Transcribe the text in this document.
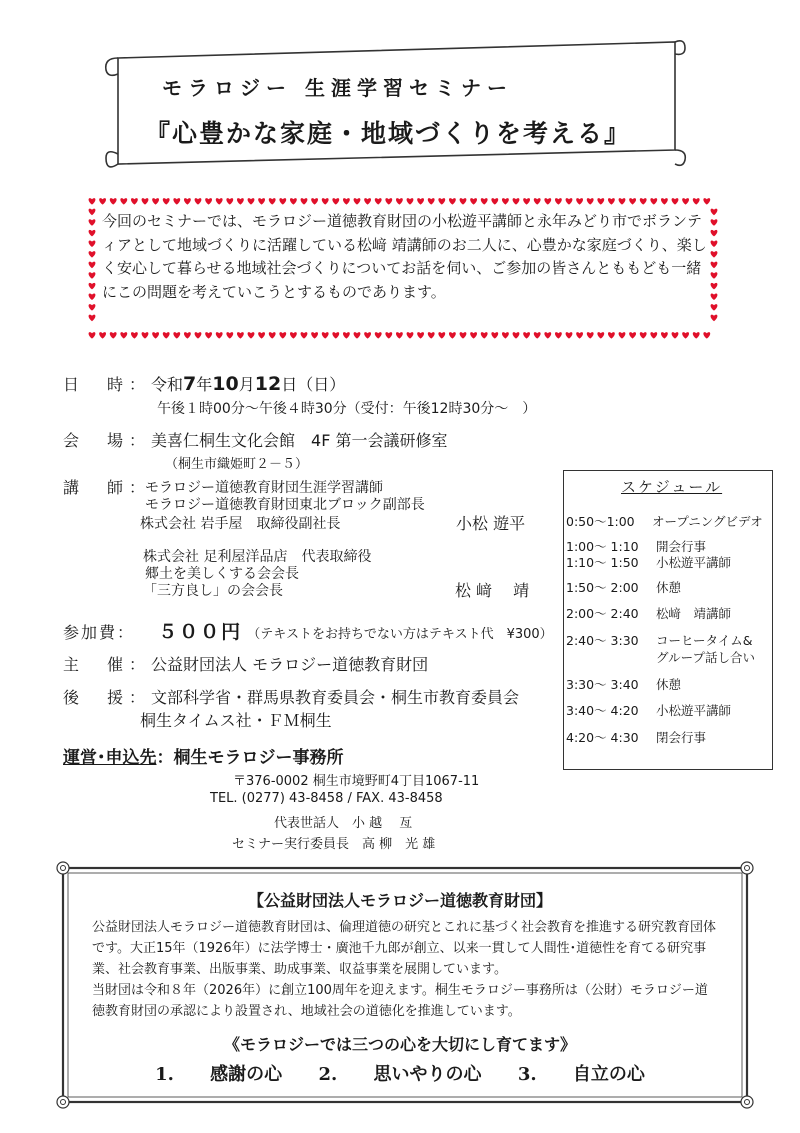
モラロジー 生涯学習セミナー
『心豊かな家庭・地域づくりを考える』
今回のセミナーでは、モラロジー道徳教育財団の小松遊平講師と永年みどり市でボランティアとして地域づくりに活躍している松﨑 靖講師のお二人に、心豊かな家庭づくり、楽しく安心して暮らせる地域社会づくりについてお話を伺い、ご参加の皆さんとももども一緒にこの問題を考えていこうとするものであります。
日　時：令和7年10月12日（日）
午後１時00分～午後４時30分（受付：午後12時30分～　）
会　場：美喜仁桐生文化会館　4F 第一会議研修室
（桐生市織姫町２－５）
講　師：
モラロジー道徳教育財団生涯学習講師
モラロジー道徳教育財団東北ブロック副部長
株式会社 岩手屋　取締役副社長	小松 遊平
株式会社 足利屋洋品店　代表取締役
郷土を美しくする会会長
「三方良し」の会会長	松 﨑　 靖
参加費： ５００円 （テキストをお持ちでない方はテキスト代　¥300）
主　催：公益財団法人 モラロジー道徳教育財団
後　援：文部科学省・群馬県教育委員会・桐生市教育委員会
桐生タイムス社・ＦＭ桐生
運営･申込先：桐生モラロジー事務所
〒376-0002 桐生市境野町4丁目1067-11
TEL. (0277) 43-8458 / FAX. 43-8458
代表世話人　小 越　 亙
セミナー実行委員長　高 柳　光 雄
スケジュール
0:50～1:00 オープニングビデオ
1:00～ 1:10 開会行事
1:10～ 1:50 小松遊平講師
1:50～ 2:00 休憩
2:00～ 2:40 松﨑　靖講師
2:40～ 3:30 コーヒータイム&
グループ話し合い
3:30～ 3:40 休憩
3:40～ 4:20 小松遊平講師
4:20～ 4:30 閉会行事
【公益財団法人モラロジー道徳教育財団】
公益財団法人モラロジー道徳教育財団は、倫理道徳の研究とこれに基づく社会教育を推進する研究教育団体です。大正15年（1926年）に法学博士・廣池千九郎が創立、以来一貫して人間性･道徳性を育てる研究事業、社会教育事業、出版事業、助成事業、収益事業を展開しています。
当財団は令和８年（2026年）に創立100周年を迎えます。桐生モラロジー事務所は（公財）モラロジー道徳教育財団の承認により設置され、地域社会の道徳化を推進しています。
《モラロジーでは三つの心を大切にし育てます》
1. 感謝の心 2. 思いやりの心 3. 自立の心
